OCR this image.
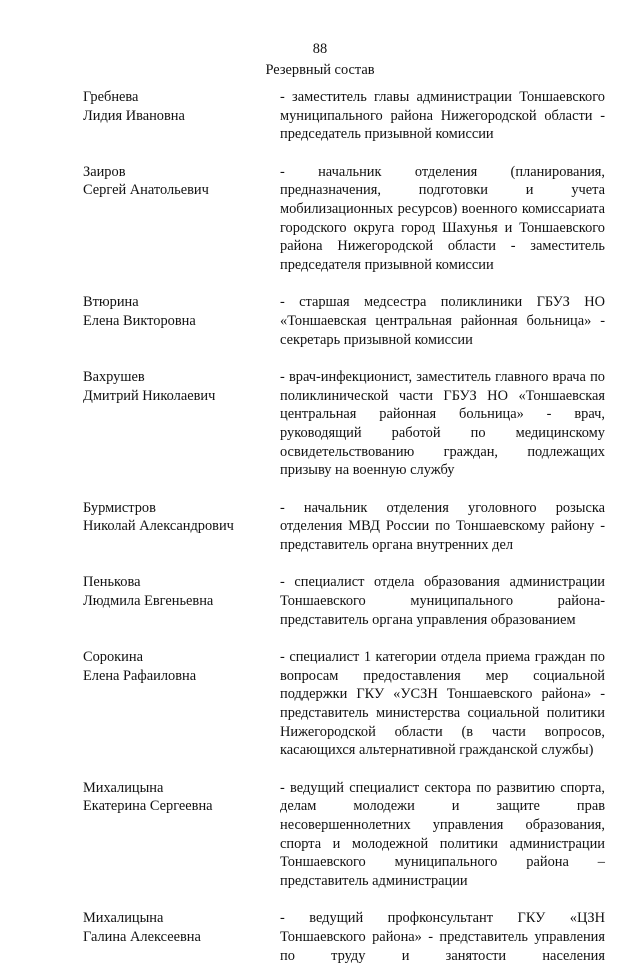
88
Резервный состав
Гребнева
Лидия Ивановна
- заместитель главы администрации Тоншаевского муниципального района Нижегородской области - председатель призывной комиссии
Заиров
Сергей Анатольевич
- начальник отделения (планирования, предназначения, подготовки и учета мобилизационных ресурсов) военного комиссариата городского округа город Шахунья и Тоншаевского района Нижегородской области - заместитель председателя призывной комиссии
Втюрина
Елена Викторовна
- старшая медсестра поликлиники ГБУЗ НО «Тоншаевская центральная районная больница» - секретарь призывной комиссии
Вахрушев
Дмитрий Николаевич
- врач-инфекционист, заместитель главного врача по поликлинической части ГБУЗ НО «Тоншаевская центральная районная больница» - врач, руководящий работой по медицинскому освидетельствованию граждан, подлежащих призыву на военную службу
Бурмистров
Николай Александрович
- начальник отделения уголовного розыска отделения МВД России по Тоншаевскому району - представитель органа внутренних дел
Пенькова
Людмила Евгеньевна
- специалист отдела образования администрации Тоншаевского муниципального района-представитель органа управления образованием
Сорокина
Елена Рафаиловна
- специалист 1 категории отдела приема граждан по вопросам предоставления мер социальной поддержки ГКУ «УСЗН Тоншаевского района» - представитель министерства социальной политики Нижегородской области (в части вопросов, касающихся альтернативной гражданской службы)
Михалицына
Екатерина Сергеевна
- ведущий специалист сектора по развитию спорта, делам молодежи и защите прав несовершеннолетних управления образования, спорта и молодежной политики администрации Тоншаевского муниципального района – представитель администрации
Михалицына
Галина Алексеевна
- ведущий профконсультант ГКУ «ЦЗН Тоншаевского района» - представитель управления по труду и занятости населения
